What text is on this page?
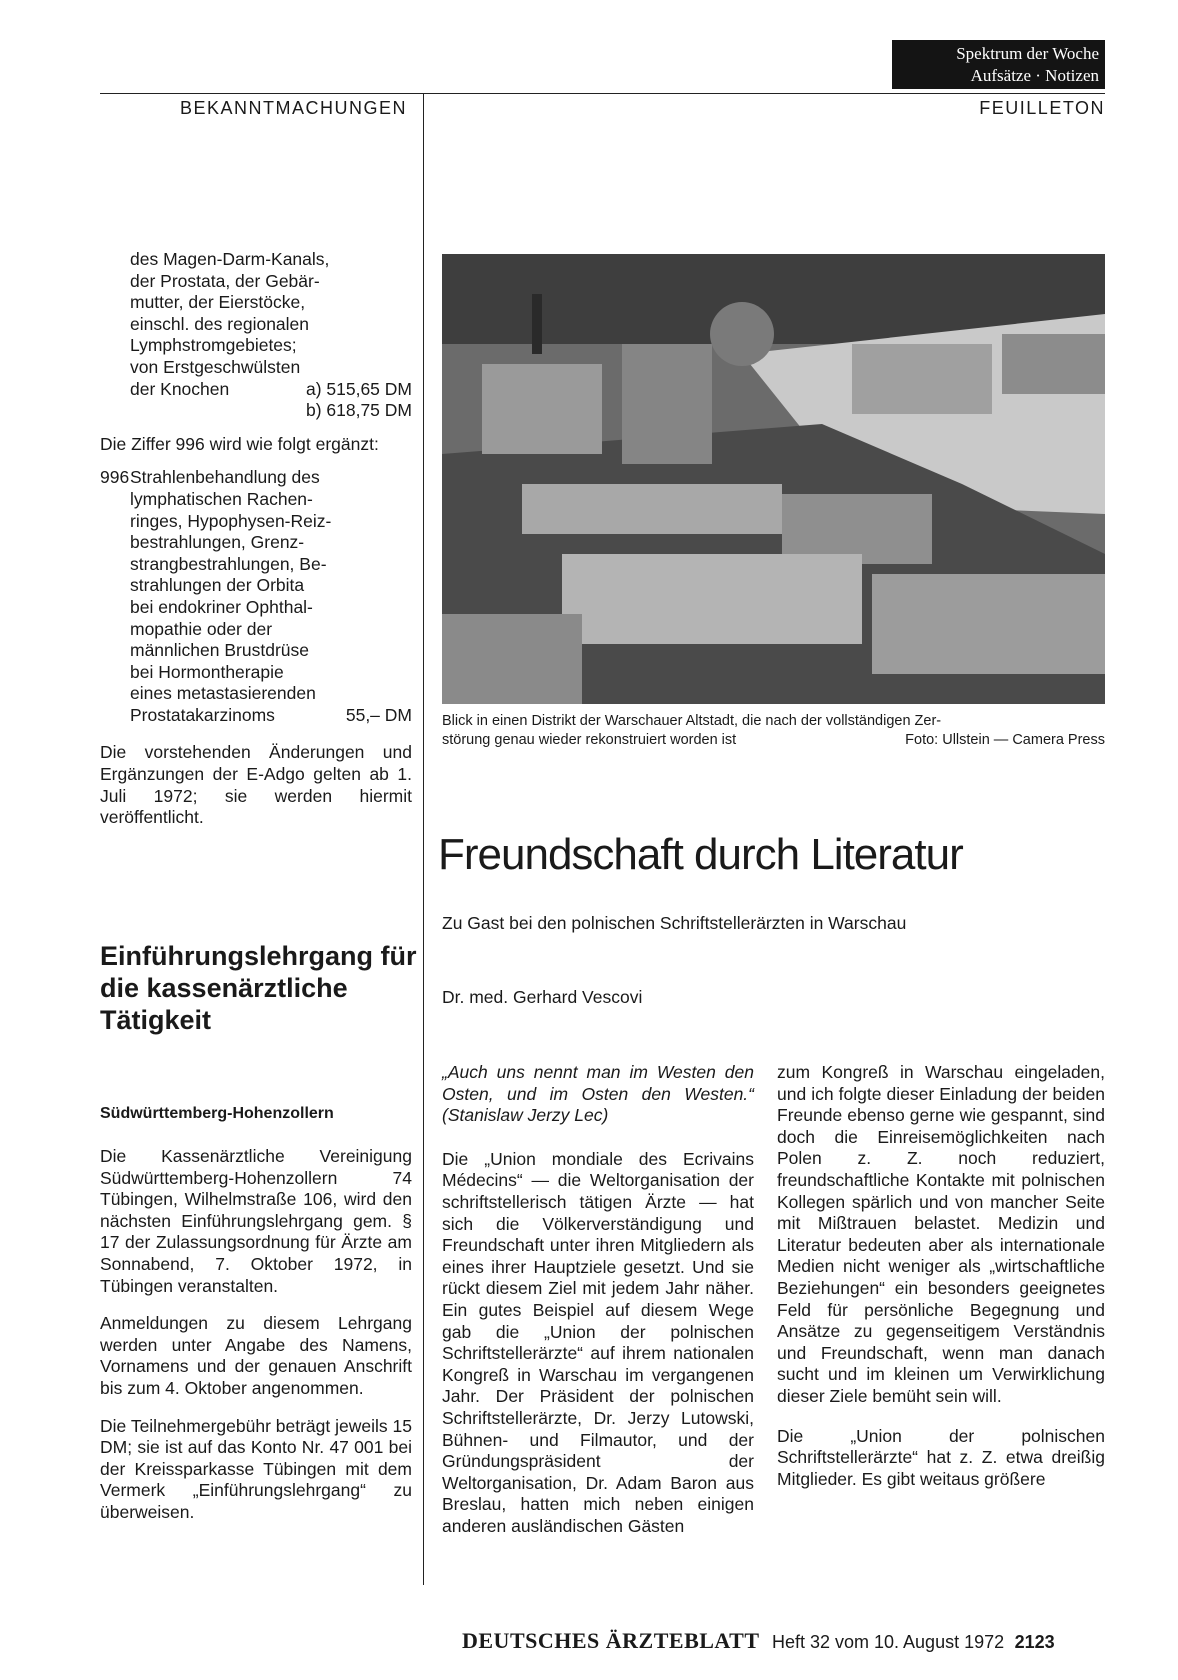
Spektrum der Woche
Aufsätze · Notizen
BEKANNTMACHUNGEN	FEUILLETON
des Magen-Darm-Kanals,
der Prostata, der Gebär-
mutter, der Eierstöcke,
einschl. des regionalen
Lymphstromgebietes;
von Erstgeschwülsten
der Knochen	a) 515,65 DM
b) 618,75 DM
Die Ziffer 996 wird wie folgt ergänzt:
996 Strahlenbehandlung des
lymphatischen Rachen-
ringes, Hypophysen-Reiz-
bestrahlungen, Grenz-
strangbestrahlungen, Be-
strahlungen der Orbita
bei endokriner Ophthal-
mopathie oder der
männlichen Brustdrüse
bei Hormontherapie
eines metastasierenden
Prostatakarzinoms	55,– DM

Die vorstehenden Änderungen und Ergänzungen der E-Adgo gelten ab 1. Juli 1972; sie werden hiermit veröffentlicht.

Einführungslehrgang für die kassenärztliche Tätigkeit
Südwürttemberg-Hohenzollern

Die Kassenärztliche Vereinigung Südwürttemberg-Hohenzollern 74 Tübingen, Wilhelmstraße 106, wird den nächsten Einführungslehrgang gem. § 17 der Zulassungsordnung für Ärzte am Sonnabend, 7. Oktober 1972, in Tübingen veranstalten.

Anmeldungen zu diesem Lehrgang werden unter Angabe des Namens, Vornamens und der genauen Anschrift bis zum 4. Oktober angenommen.

Die Teilnehmergebühr beträgt jeweils 15 DM; sie ist auf das Konto Nr. 47 001 bei der Kreissparkasse Tübingen mit dem Vermerk „Einführungslehrgang“ zu überweisen.

Blick in einen Distrikt der Warschauer Altstadt, die nach der vollständigen Zer-
störung genau wieder rekonstruiert worden ist	Foto: Ullstein — Camera Press
Freundschaft durch Literatur
Zu Gast bei den polnischen Schriftstellerärzten in Warschau
Dr. med. Gerhard Vescovi

„Auch uns nennt man im Westen den Osten, und im Osten den Westen.“ (Stanislaw Jerzy Lec)

Die „Union mondiale des Ecrivains Médecins“ — die Weltorganisation der schriftstellerisch tätigen Ärzte — hat sich die Völkerverständigung und Freundschaft unter ihren Mitgliedern als eines ihrer Hauptziele gesetzt. Und sie rückt diesem Ziel mit jedem Jahr näher. Ein gutes Beispiel auf diesem Wege gab die „Union der polnischen Schriftstellerärzte“ auf ihrem nationalen Kongreß in Warschau im vergangenen Jahr. Der Präsident der polnischen Schriftstellerärzte, Dr. Jerzy Lutowski, Bühnen- und Filmautor, und der Gründungspräsident der Weltorganisation, Dr. Adam Baron aus Breslau, hatten mich neben einigen anderen ausländischen Gästen

zum Kongreß in Warschau eingeladen, und ich folgte dieser Einladung der beiden Freunde ebenso gerne wie gespannt, sind doch die Einreisemöglichkeiten nach Polen z. Z. noch reduziert, freundschaftliche Kontakte mit polnischen Kollegen spärlich und von mancher Seite mit Mißtrauen belastet. Medizin und Literatur bedeuten aber als internationale Medien nicht weniger als „wirtschaftliche Beziehungen“ ein besonders geeignetes Feld für persönliche Begegnung und Ansätze zu gegenseitigem Verständnis und Freundschaft, wenn man danach sucht und im kleinen um Verwirklichung dieser Ziele bemüht sein will.

Die „Union der polnischen Schriftstellerärzte“ hat z. Z. etwa dreißig Mitglieder. Es gibt weitaus größere

DEUTSCHES ÄRZTEBLATT Heft 32 vom 10. August 1972 2123
